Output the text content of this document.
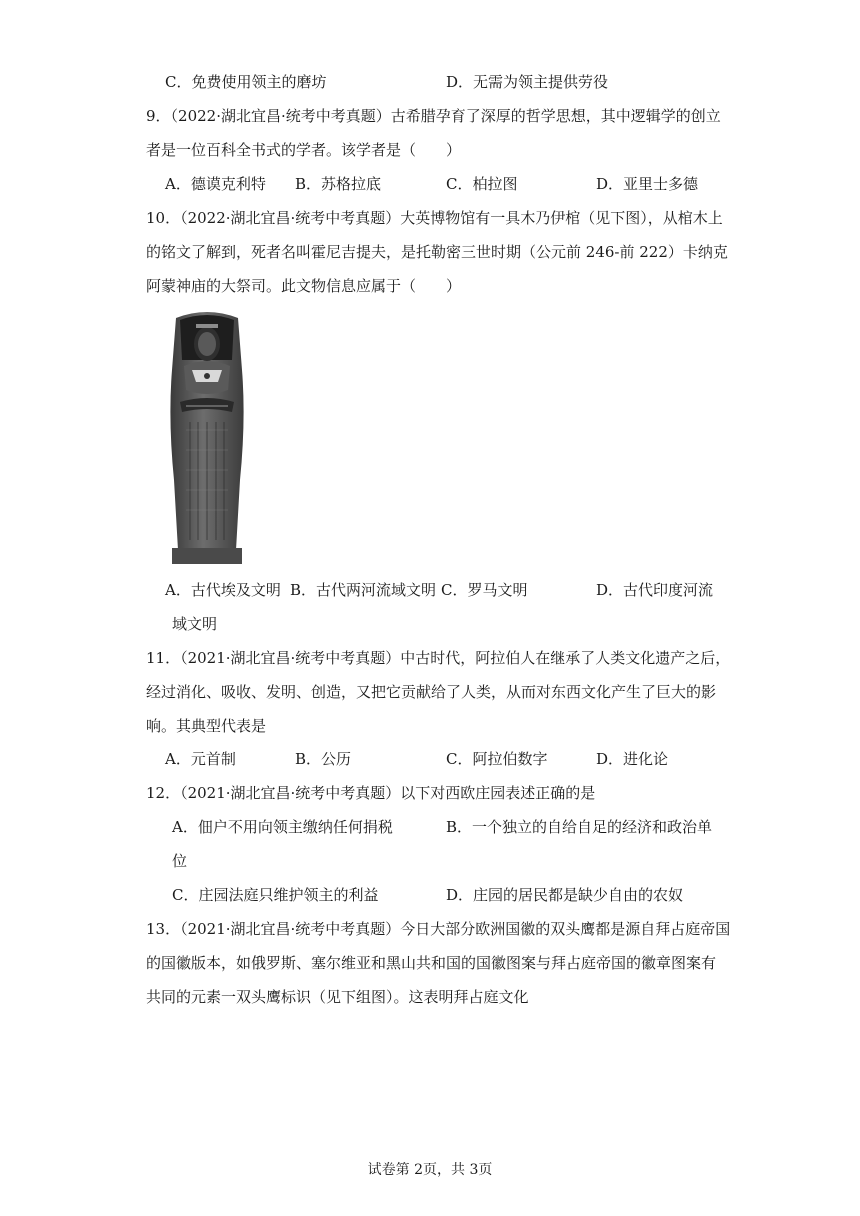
C．免费使用领主的磨坊	D．无需为领主提供劳役
9．（2022·湖北宜昌·统考中考真题）古希腊孕育了深厚的哲学思想，其中逻辑学的创立
者是一位百科全书式的学者。该学者是（　　）
A．德谟克利特 B．苏格拉底	C．柏拉图	D．亚里士多德
10．（2022·湖北宜昌·统考中考真题）大英博物馆有一具木乃伊棺（见下图），从棺木上
的铭文了解到，死者名叫霍尼吉提夫，是托勒密三世时期（公元前 246-前 222）卡纳克
阿蒙神庙的大祭司。此文物信息应属于（　　）
A．古代埃及文明 B．古代两河流域文明 C．罗马文明	D．古代印度河流
域文明
11．（2021·湖北宜昌·统考中考真题）中古时代，阿拉伯人在继承了人类文化遗产之后，
经过消化、吸收、发明、创造，又把它贡献给了人类，从而对东西文化产生了巨大的影
响。其典型代表是
A．元首制	B．公历	C．阿拉伯数字	D．进化论
12．（2021·湖北宜昌·统考中考真题）以下对西欧庄园表述正确的是
A．佃户不用向领主缴纳任何捐税	B．一个独立的自给自足的经济和政治单
位
C．庄园法庭只维护领主的利益	D．庄园的居民都是缺少自由的农奴
13．（2021·湖北宜昌·统考中考真题）今日大部分欧洲国徽的双头鹰都是源自拜占庭帝国
的国徽版本，如俄罗斯、塞尔维亚和黑山共和国的国徽图案与拜占庭帝国的徽章图案有
共同的元素一双头鹰标识（见下组图）。这表明拜占庭文化
试卷第 2页，共 3页
